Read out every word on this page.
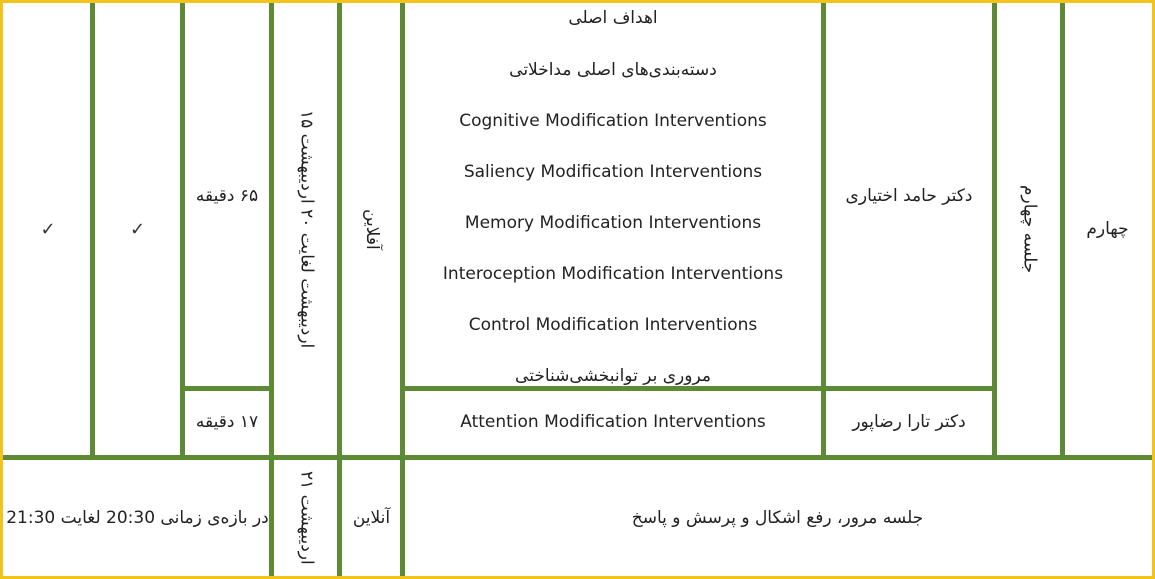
چهارم
جلسه چهارم
دکتر حامد اختیاری
دکتر تارا رضاپور
اهداف اصلی
دسته‌بندی‌های اصلی مداخلاتی
Cognitive Modification Interventions
Saliency Modification Interventions
Memory Modification Interventions
Interoception Modification Interventions
Control Modification Interventions
مروری بر توانبخشی‌شناختی
Attention Modification Interventions
آفلاین
۱۵ اردیبهشت لغایت ۲۰ اردیبهشت
۶۵ دقیقه
۱۷ دقیقه
✓
✓
جلسه مرور، رفع اشکال و پرسش و پاسخ
آنلاین
۲۱ اردیبهشت
در بازه‌ی زمانی 20:30 لغایت 21:30
